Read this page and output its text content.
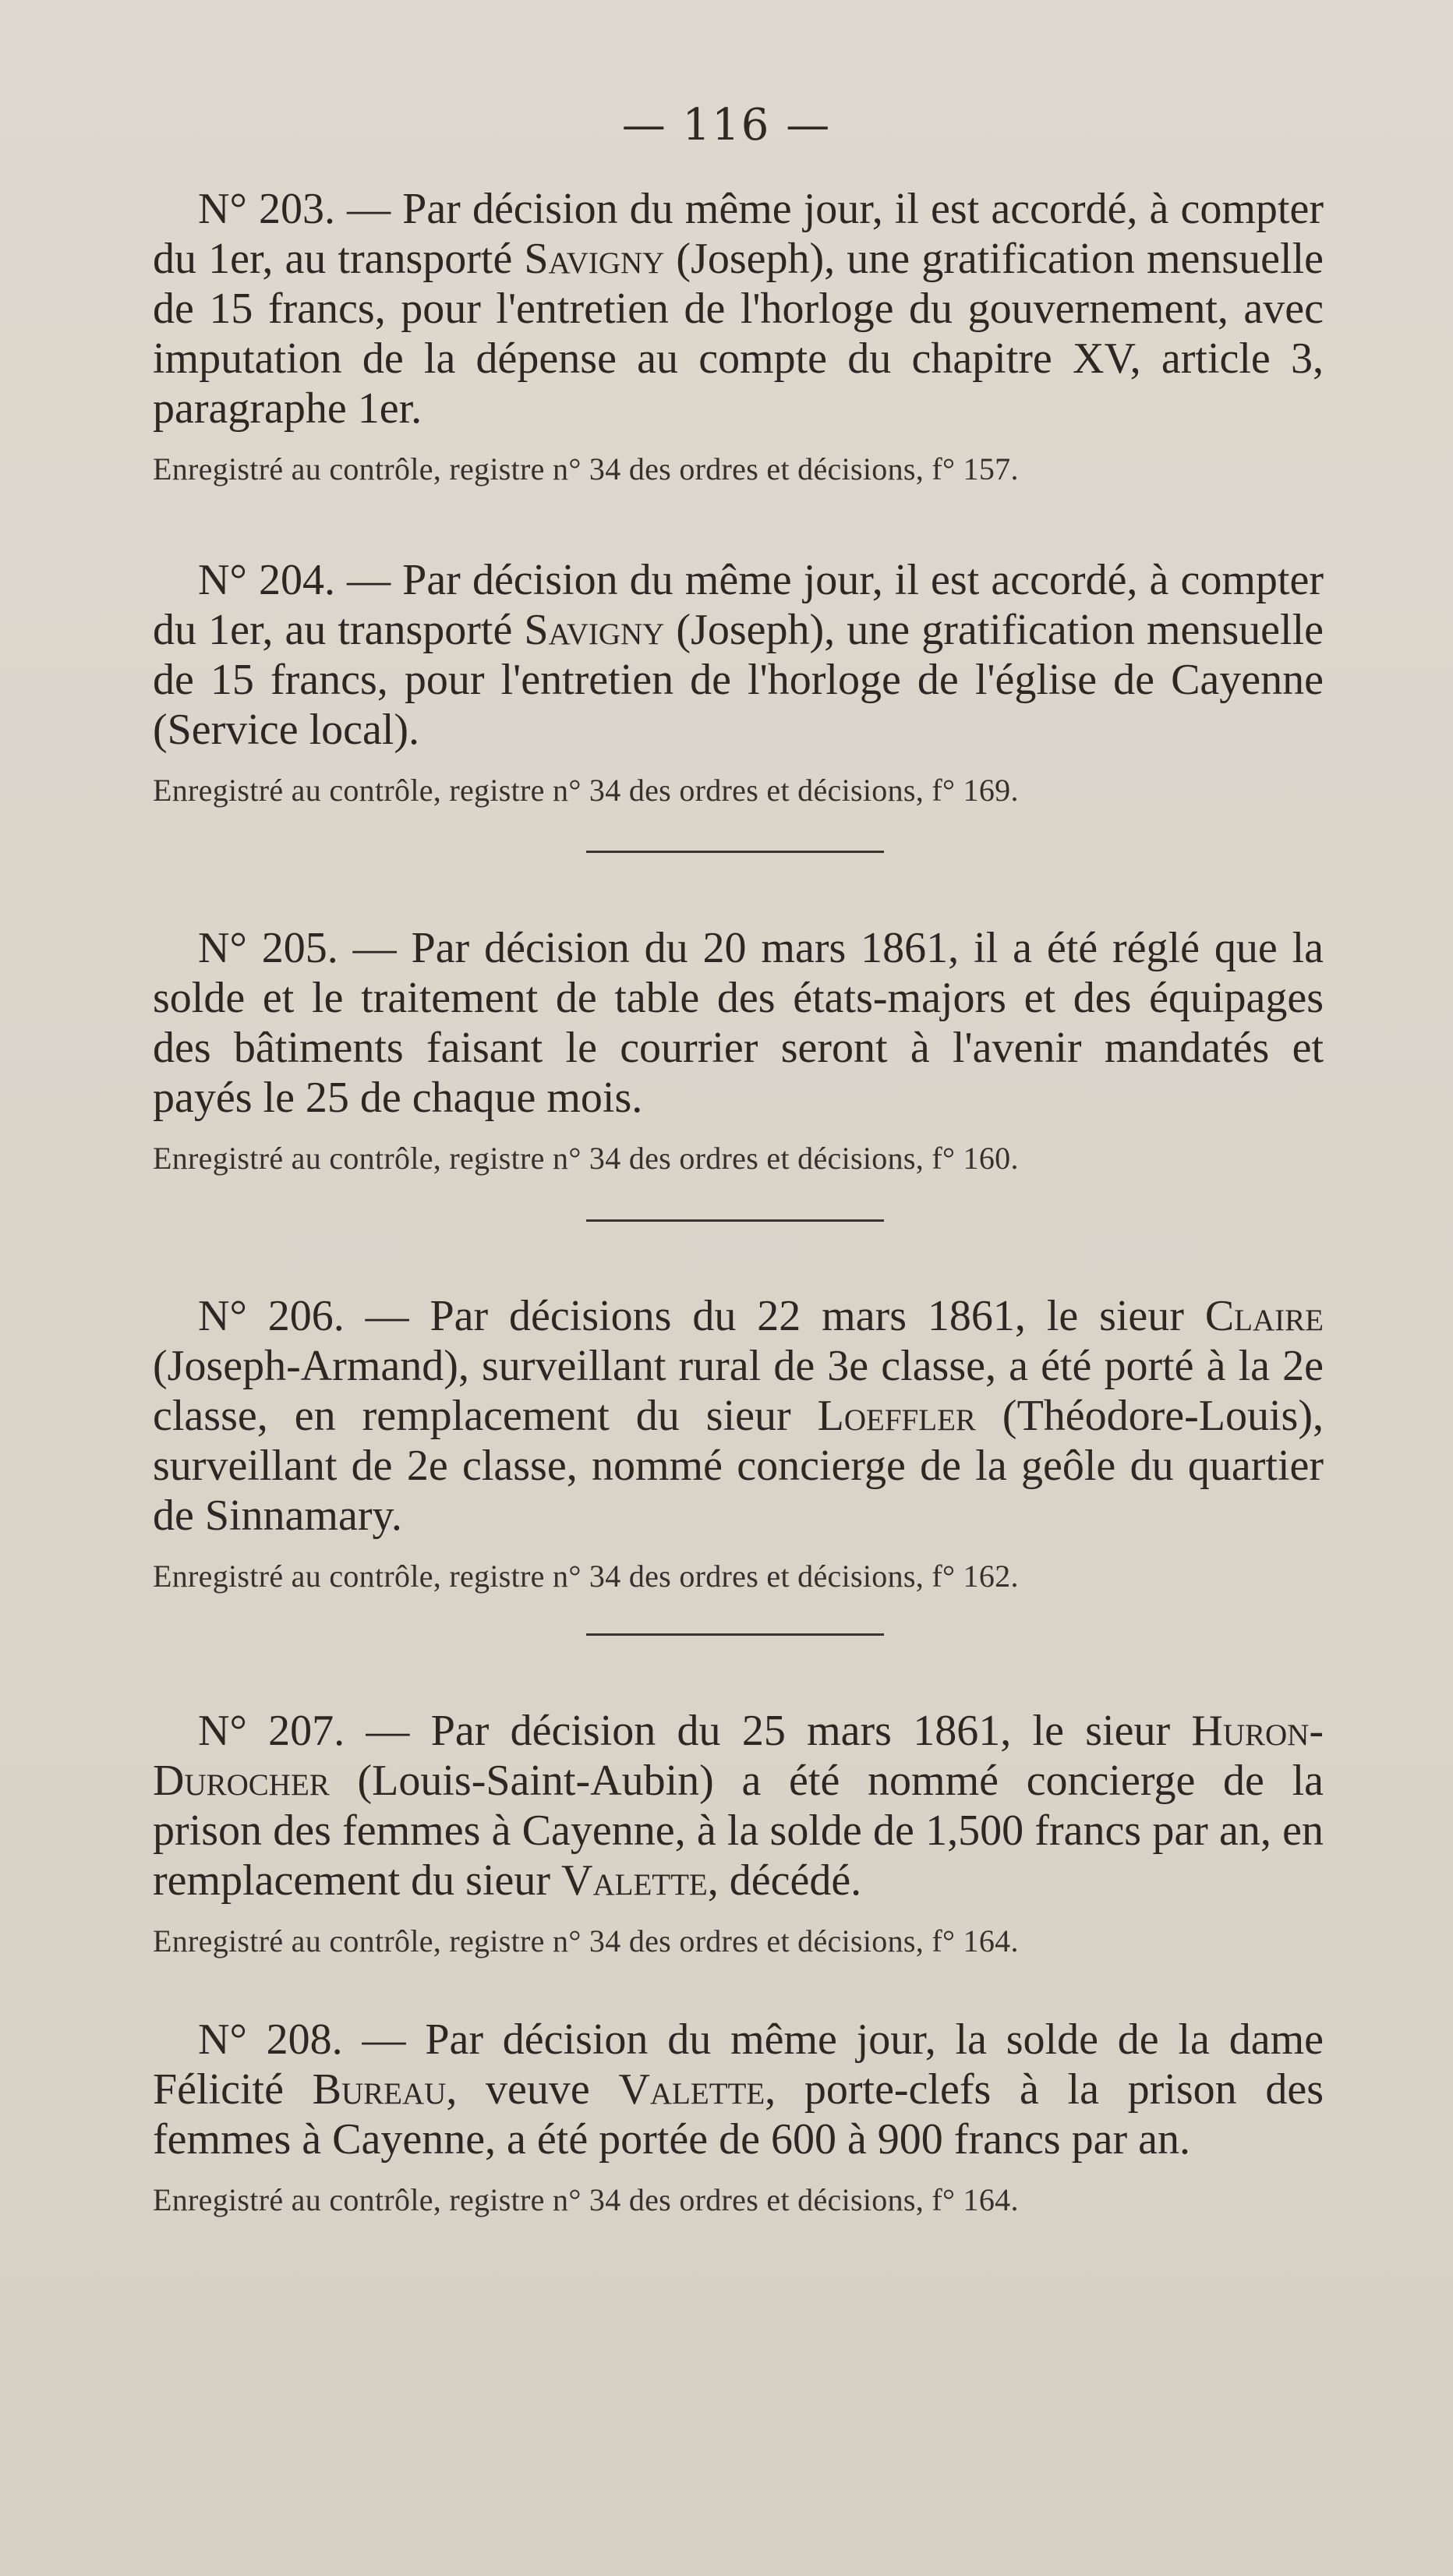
— 116 —

N° 203. — Par décision du même jour, il est accordé, à compter du 1er, au transporté Savigny (Joseph), une gratification mensuelle de 15 francs, pour l'entretien de l'horloge du gouvernement, avec imputation de la dépense au compte du chapitre XV, article 3, paragraphe 1er.

Enregistré au contrôle, registre n° 34 des ordres et décisions, f° 157.

N° 204. — Par décision du même jour, il est accordé, à compter du 1er, au transporté Savigny (Joseph), une gratification mensuelle de 15 francs, pour l'entretien de l'horloge de l'église de Cayenne (Service local).

Enregistré au contrôle, registre n° 34 des ordres et décisions, f° 169.

N° 205. — Par décision du 20 mars 1861, il a été réglé que la solde et le traitement de table des états-majors et des équipages des bâtiments faisant le courrier seront à l'avenir mandatés et payés le 25 de chaque mois.

Enregistré au contrôle, registre n° 34 des ordres et décisions, f° 160.

N° 206. — Par décisions du 22 mars 1861, le sieur Claire (Joseph-Armand), surveillant rural de 3e classe, a été porté à la 2e classe, en remplacement du sieur Loeffler (Théodore-Louis), surveillant de 2e classe, nommé concierge de la geôle du quartier de Sinnamary.

Enregistré au contrôle, registre n° 34 des ordres et décisions, f° 162.

N° 207. — Par décision du 25 mars 1861, le sieur Huron-Durocher (Louis-Saint-Aubin) a été nommé concierge de la prison des femmes à Cayenne, à la solde de 1,500 francs par an, en remplacement du sieur Valette, décédé.

Enregistré au contrôle, registre n° 34 des ordres et décisions, f° 164.

N° 208. — Par décision du même jour, la solde de la dame Félicité Bureau, veuve Valette, porte-clefs à la prison des femmes à Cayenne, a été portée de 600 à 900 francs par an.

Enregistré au contrôle, registre n° 34 des ordres et décisions, f° 164.
